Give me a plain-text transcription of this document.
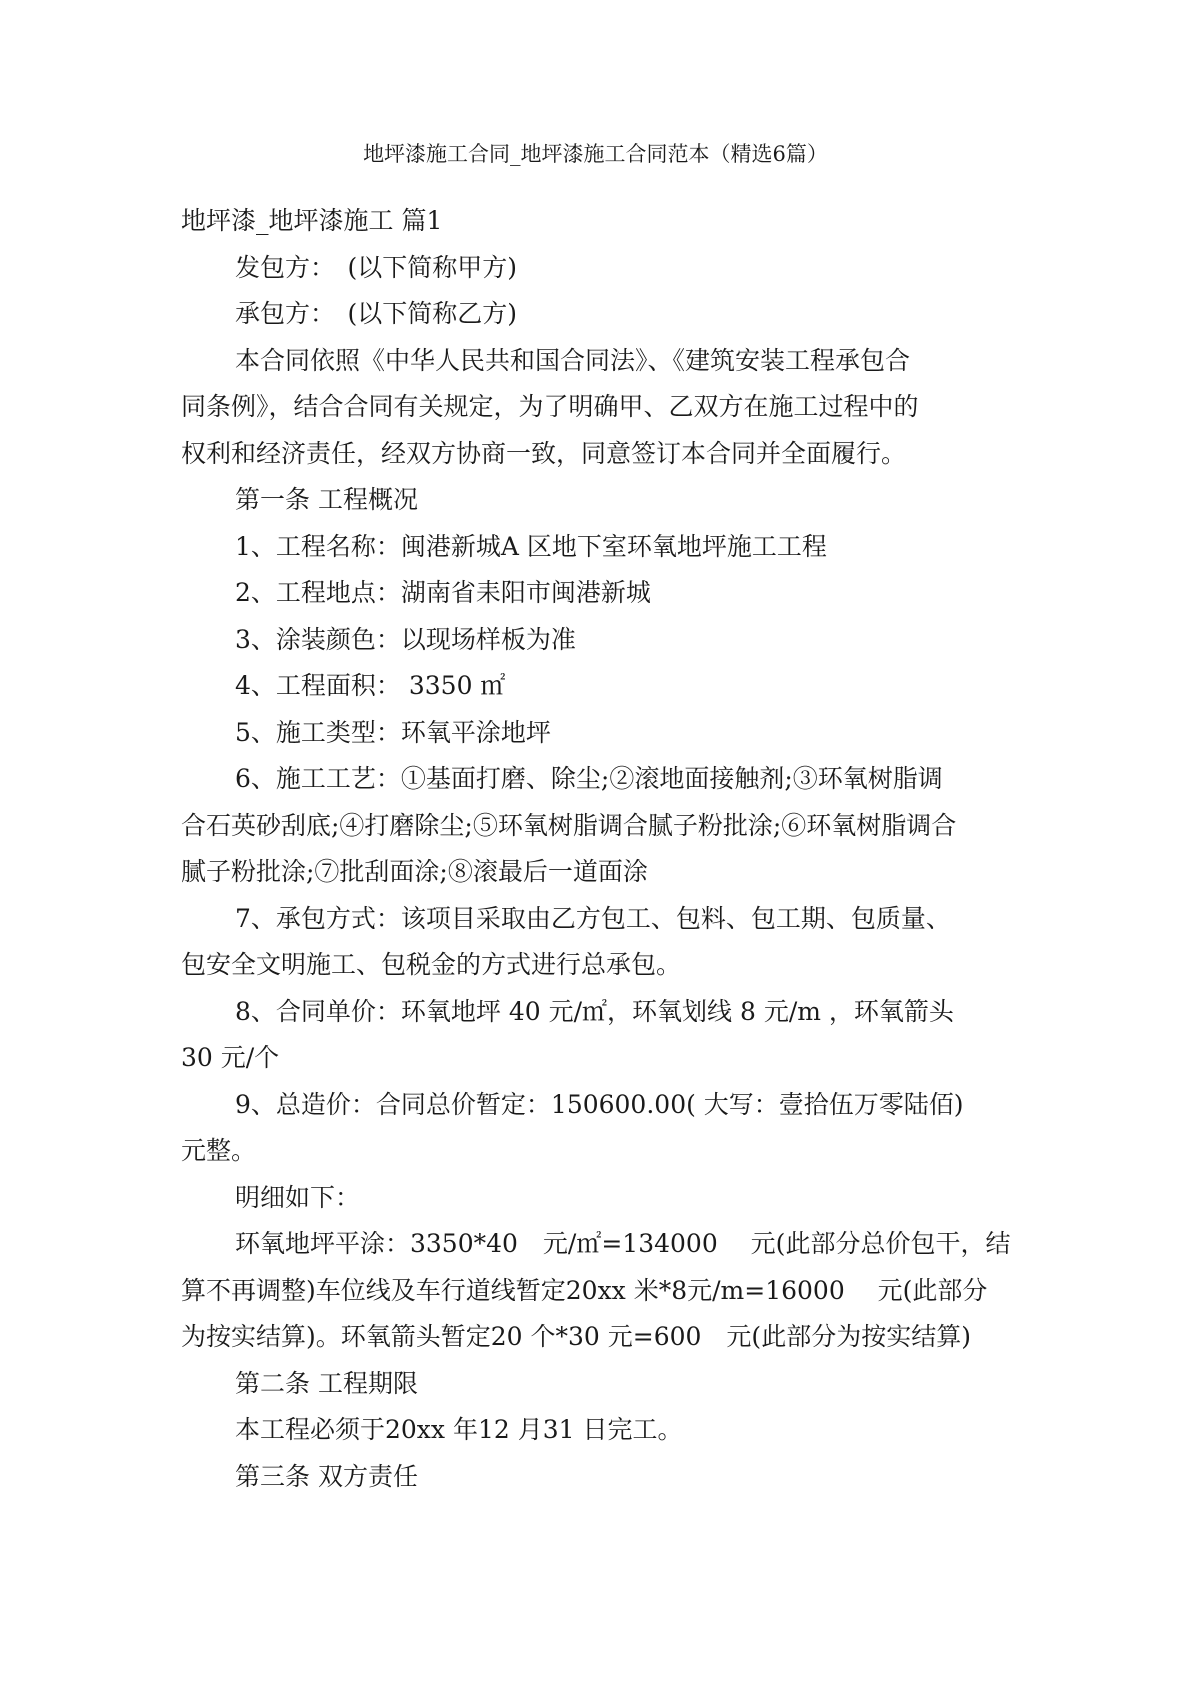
地坪漆施工合同_地坪漆施工合同范本（精选6篇）
地坪漆_地坪漆施工 篇1
发包方：　(以下简称甲方)
承包方：　(以下简称乙方)
本合同依照《中华人民共和国合同法》、《建筑安装工程承包合
同条例》，结合合同有关规定，为了明确甲、乙双方在施工过程中的
权利和经济责任，经双方协商一致，同意签订本合同并全面履行。
第一条 工程概况
1、工程名称：闽港新城A 区地下室环氧地坪施工工程
2、工程地点：湖南省耒阳市闽港新城
3、涂装颜色：以现场样板为准
4、工程面积： 3350 ㎡
5、施工类型：环氧平涂地坪
6、施工工艺：①基面打磨、除尘;②滚地面接触剂;③环氧树脂调
合石英砂刮底;④打磨除尘;⑤环氧树脂调合腻子粉批涂;⑥环氧树脂调合
腻子粉批涂;⑦批刮面涂;⑧滚最后一道面涂
7、承包方式：该项目采取由乙方包工、包料、包工期、包质量、
包安全文明施工、包税金的方式进行总承包。
8、合同单价：环氧地坪 40 元/㎡，环氧划线 8 元/m ，环氧箭头
30 元/个
9、总造价：合同总价暂定：150600.00( 大写：壹拾伍万零陆佰)
元整。
明细如下：
环氧地坪平涂：3350*40　元/㎡=134000　 元(此部分总价包干，结
算不再调整)车位线及车行道线暂定20xx 米*8元/m=16000　 元(此部分
为按实结算)。环氧箭头暂定20 个*30 元=600　元(此部分为按实结算)
第二条 工程期限
本工程必须于20xx 年12 月31 日完工。
第三条 双方责任
